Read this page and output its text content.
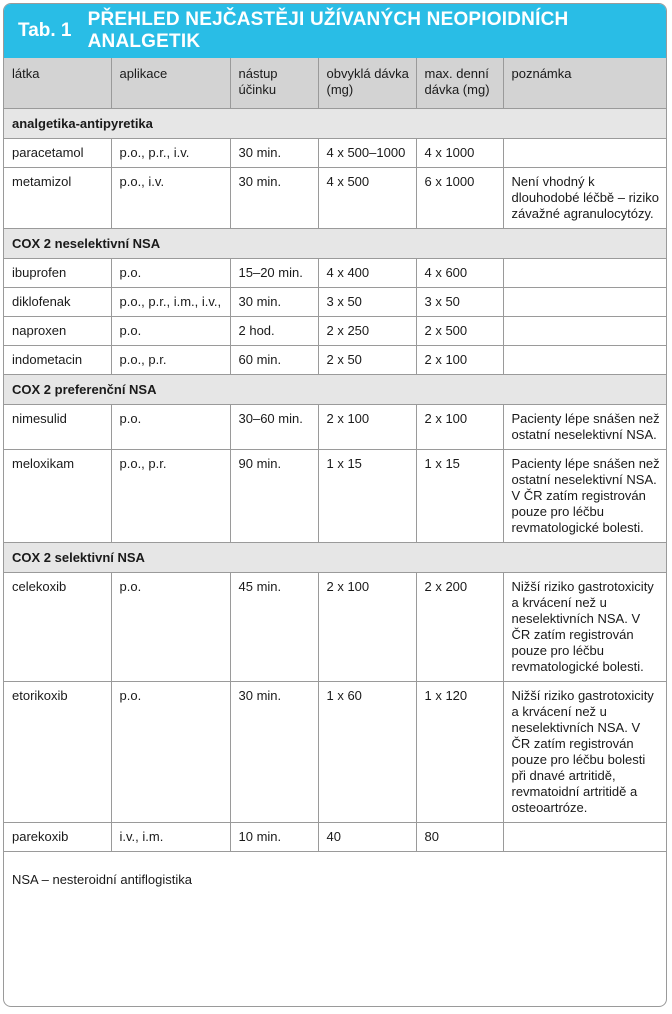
Tab. 1
PŘEHLED NEJČASTĚJI UŽÍVANÝCH NEOPIOIDNÍCH ANALGETIK
látka	aplikace	nástup účinku	obvyklá dávka (mg)	max. denní dávka (mg)	poznámka
analgetika-antipyretika					
paracetamol	p.o., p.r., i.v.	30 min.	4 x 500–1000	4 x 1000	
metamizol	p.o., i.v.	30 min.	4 x 500	6 x 1000	Není vhodný k dlouhodobé léčbě – riziko závažné agranulocytózy.
COX 2 neselektivní NSA					
ibuprofen	p.o.	15–20 min.	4 x 400	4 x 600	
diklofenak	p.o., p.r., i.m., i.v.,	30 min.	3 x 50	3 x 50	
naproxen	p.o.	2 hod.	2 x 250	2 x 500	
indometacin	p.o., p.r.	60 min.	2 x 50	2 x 100	
COX 2 preferenční NSA					
nimesulid	p.o.	30–60 min.	2 x 100	2 x 100	Pacienty lépe snášen než ostatní neselektivní NSA.
meloxikam	p.o., p.r.	90 min.	1 x 15	1 x 15	Pacienty lépe snášen než ostatní neselektivní NSA. V ČR zatím registrován pouze pro léčbu revmatologické bolesti.
COX 2 selektivní NSA					
celekoxib	p.o.	45 min.	2 x 100	2 x 200	Nižší riziko gastrotoxicity a krvácení než u neselektivních NSA. V ČR zatím registrován pouze pro léčbu revmatologické bolesti.
etorikoxib	p.o.	30 min.	1 x 60	1 x 120	Nižší riziko gastrotoxicity a krvácení než u neselektivních NSA. V ČR zatím registrován pouze pro léčbu bolesti při dnavé artritidě, revmatoidní artritidě a osteoartróze.
parekoxib	i.v., i.m.	10 min.	40	80	
NSA – nesteroidní antiflogistika					
